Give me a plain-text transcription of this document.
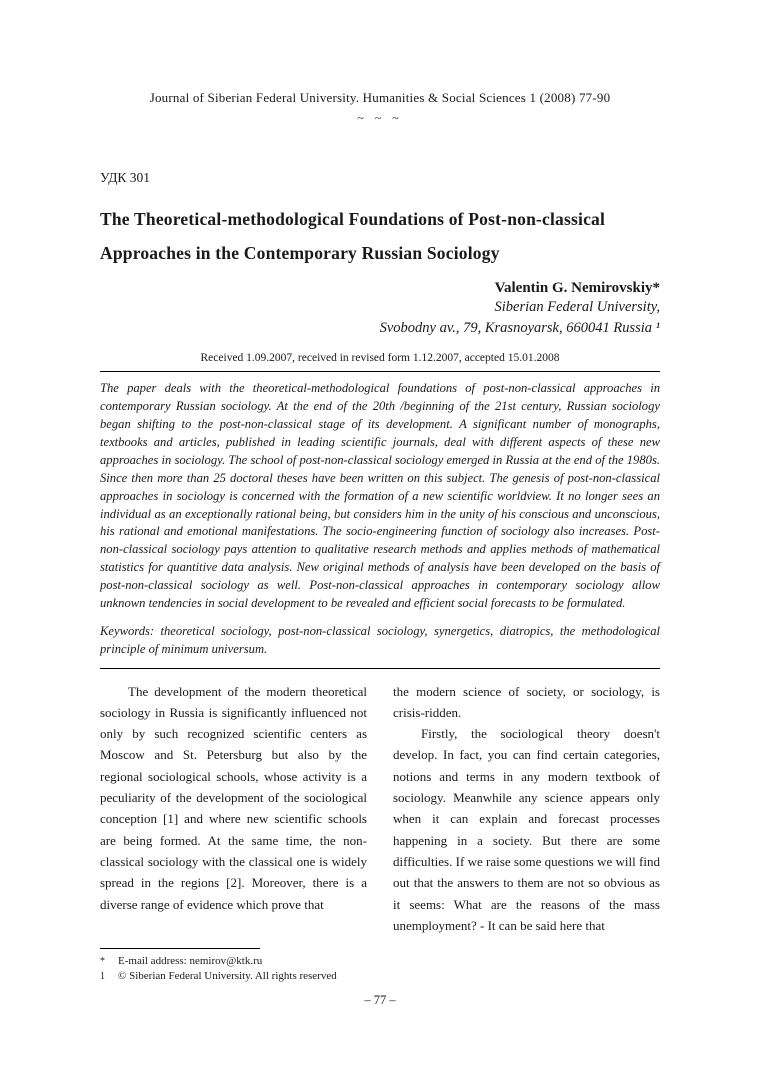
Journal of Siberian Federal University. Humanities & Social Sciences 1 (2008) 77-90
~ ~ ~
УДК 301
The Theoretical-methodological Foundations of Post-non-classical Approaches in the Contemporary Russian Sociology
Valentin G. Nemirovskiy*
Siberian Federal University,
Svobodny av., 79, Krasnoyarsk, 660041 Russia ¹
Received 1.09.2007, received in revised form 1.12.2007, accepted 15.01.2008
The paper deals with the theoretical-methodological foundations of post-non-classical approaches in contemporary Russian sociology. At the end of the 20th /beginning of the 21st century, Russian sociology began shifting to the post-non-classical stage of its development. A significant number of monographs, textbooks and articles, published in leading scientific journals, deal with different aspects of these new approaches in sociology. The school of post-non-classical sociology emerged in Russia at the end of the 1980s. Since then more than 25 doctoral theses have been written on this subject. The genesis of post-non-classical approaches in sociology is concerned with the formation of a new scientific worldview. It no longer sees an individual as an exceptionally rational being, but considers him in the unity of his conscious and unconscious, his rational and emotional manifestations. The socio-engineering function of sociology also increases. Post-non-classical sociology pays attention to qualitative research methods and applies methods of mathematical statistics for quantitive data analysis. New original methods of analysis have been developed on the basis of post-non-classical sociology as well. Post-non-classical approaches in contemporary sociology allow unknown tendencies in social development to be revealed and efficient social forecasts to be formulated.
Keywords: theoretical sociology, post-non-classical sociology, synergetics, diatropics, the methodological principle of minimum universum.

The development of the modern theoretical sociology in Russia is significantly influenced not only by such recognized scientific centers as Moscow and St. Petersburg but also by the regional sociological schools, whose activity is a peculiarity of the development of the sociological conception [1] and where new scientific schools are being formed. At the same time, the non-classical sociology with the classical one is widely spread in the regions [2]. Moreover, there is a diverse range of evidence which prove that

the modern science of society, or sociology, is crisis-ridden.

Firstly, the sociological theory doesn't develop. In fact, you can find certain categories, notions and terms in any modern textbook of sociology. Meanwhile any science appears only when it can explain and forecast processes happening in a society. But there are some difficulties. If we raise some questions we will find out that the answers to them are not so obvious as it seems: What are the reasons of the mass unemployment? - It can be said here that

* E-mail address: nemirov@ktk.ru
1 © Siberian Federal University. All rights reserved
– 77 –
